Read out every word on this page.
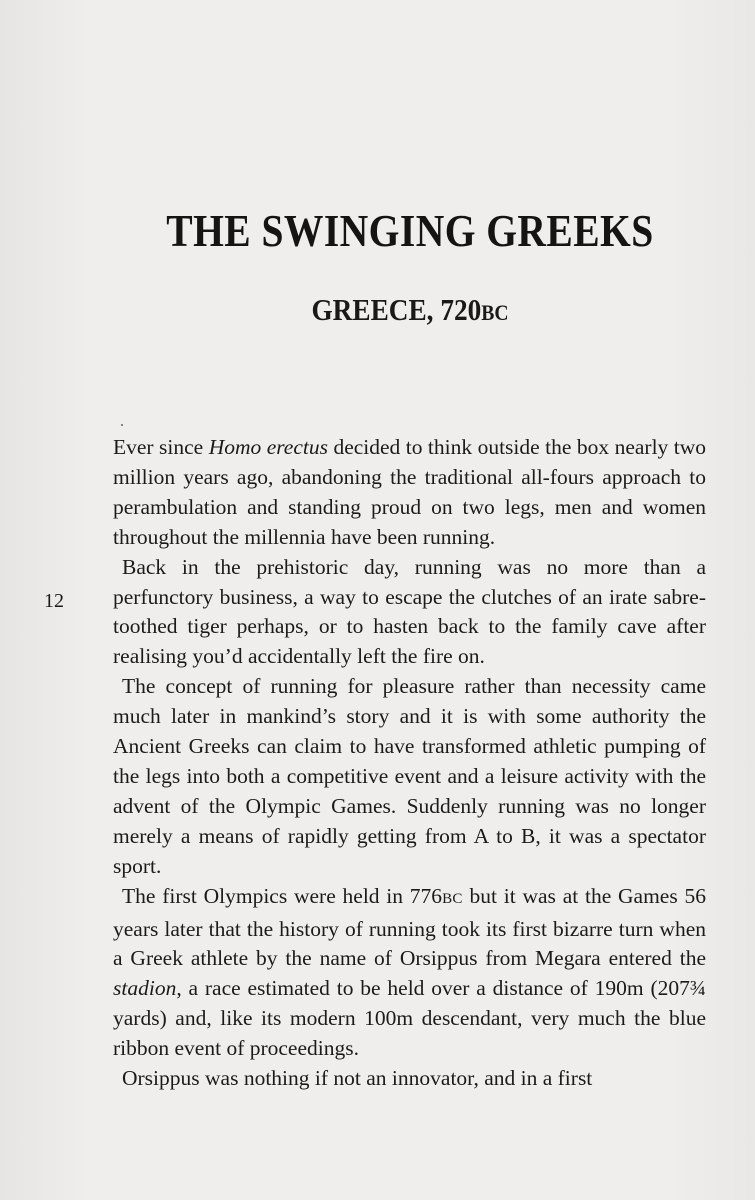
THE SWINGING GREEKS
GREECE, 720BC
12

Ever since Homo erectus decided to think outside the box nearly two million years ago, abandoning the traditional all-fours approach to perambulation and standing proud on two legs, men and women throughout the millennia have been running.

Back in the prehistoric day, running was no more than a perfunctory business, a way to escape the clutches of an irate sabre-toothed tiger perhaps, or to hasten back to the family cave after realising you’d accidentally left the fire on.

The concept of running for pleasure rather than necessity came much later in mankind’s story and it is with some authority the Ancient Greeks can claim to have transformed athletic pumping of the legs into both a competitive event and a leisure activity with the advent of the Olympic Games. Suddenly running was no longer merely a means of rapidly getting from A to B, it was a spectator sport.

The first Olympics were held in 776BC but it was at the Games 56 years later that the history of running took its first bizarre turn when a Greek athlete by the name of Orsippus from Megara entered the stadion, a race estimated to be held over a distance of 190m (207¾ yards) and, like its modern 100m descendant, very much the blue ribbon event of proceedings.

Orsippus was nothing if not an innovator, and in a first
